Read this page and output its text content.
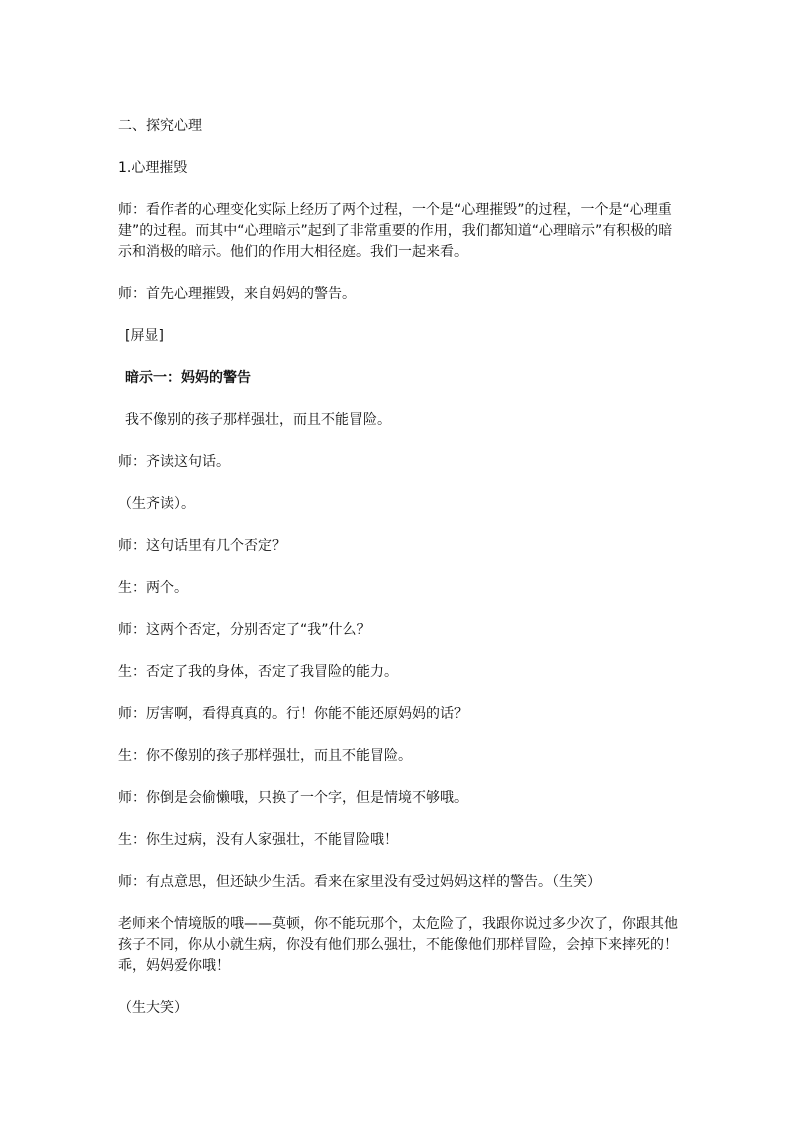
二、探究心理

1.心理摧毁

师：看作者的心理变化实际上经历了两个过程，一个是“心理摧毁”的过程，一个是“心理重建”的过程。而其中“心理暗示”起到了非常重要的作用，我们都知道“心理暗示”有积极的暗示和消极的暗示。他们的作用大相径庭。我们一起来看。

师：首先心理摧毁，来自妈妈的警告。

[屏显]

暗示一：妈妈的警告

我不像别的孩子那样强壮，而且不能冒险。

师：齐读这句话。

（生齐读）。

师：这句话里有几个否定？

生：两个。

师：这两个否定，分别否定了“我”什么？

生：否定了我的身体，否定了我冒险的能力。

师：厉害啊，看得真真的。行！你能不能还原妈妈的话？

生：你不像别的孩子那样强壮，而且不能冒险。

师：你倒是会偷懒哦，只换了一个字，但是情境不够哦。

生：你生过病，没有人家强壮，不能冒险哦！

师：有点意思，但还缺少生活。看来在家里没有受过妈妈这样的警告。（生笑）

老师来个情境版的哦——莫顿，你不能玩那个，太危险了，我跟你说过多少次了，你跟其他孩子不同，你从小就生病，你没有他们那么强壮，不能像他们那样冒险，会掉下来摔死的！乖，妈妈爱你哦！

（生大笑）
